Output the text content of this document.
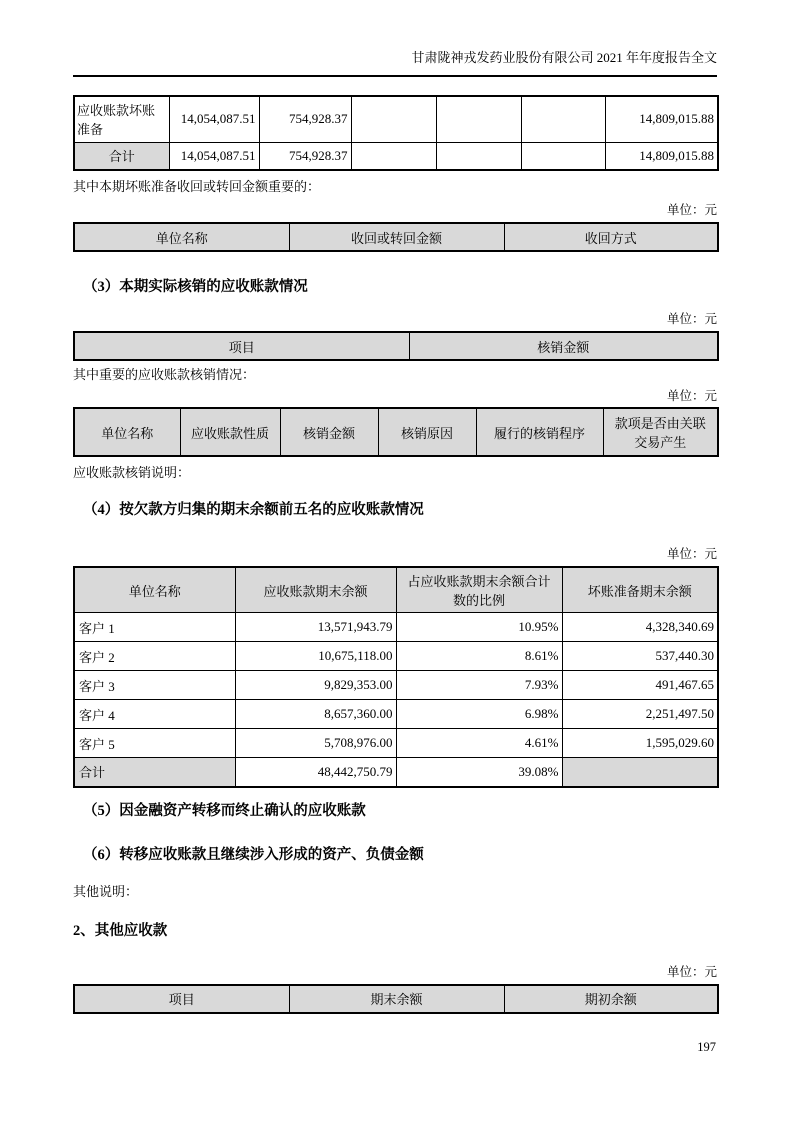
甘肃陇神戎发药业股份有限公司 2021 年年度报告全文
应收账款坏账准备	14,054,087.51	754,928.37				14,809,015.88
合计	14,054,087.51	754,928.37				14,809,015.88
其中本期坏账准备收回或转回金额重要的：
单位：元
单位名称	收回或转回金额	收回方式
（3）本期实际核销的应收账款情况
单位：元
项目	核销金额
其中重要的应收账款核销情况：
单位：元
单位名称	应收账款性质	核销金额	核销原因	履行的核销程序	款项是否由关联交易产生
应收账款核销说明：
（4）按欠款方归集的期末余额前五名的应收账款情况
单位：元
单位名称	应收账款期末余额	占应收账款期末余额合计数的比例	坏账准备期末余额
客户 1	13,571,943.79	10.95%	4,328,340.69
客户 2	10,675,118.00	8.61%	537,440.30
客户 3	9,829,353.00	7.93%	491,467.65
客户 4	8,657,360.00	6.98%	2,251,497.50
客户 5	5,708,976.00	4.61%	1,595,029.60
合计	48,442,750.79	39.08%	
（5）因金融资产转移而终止确认的应收账款
（6）转移应收账款且继续涉入形成的资产、负债金额
其他说明：
2、其他应收款
单位：元
项目	期末余额	期初余额
197
